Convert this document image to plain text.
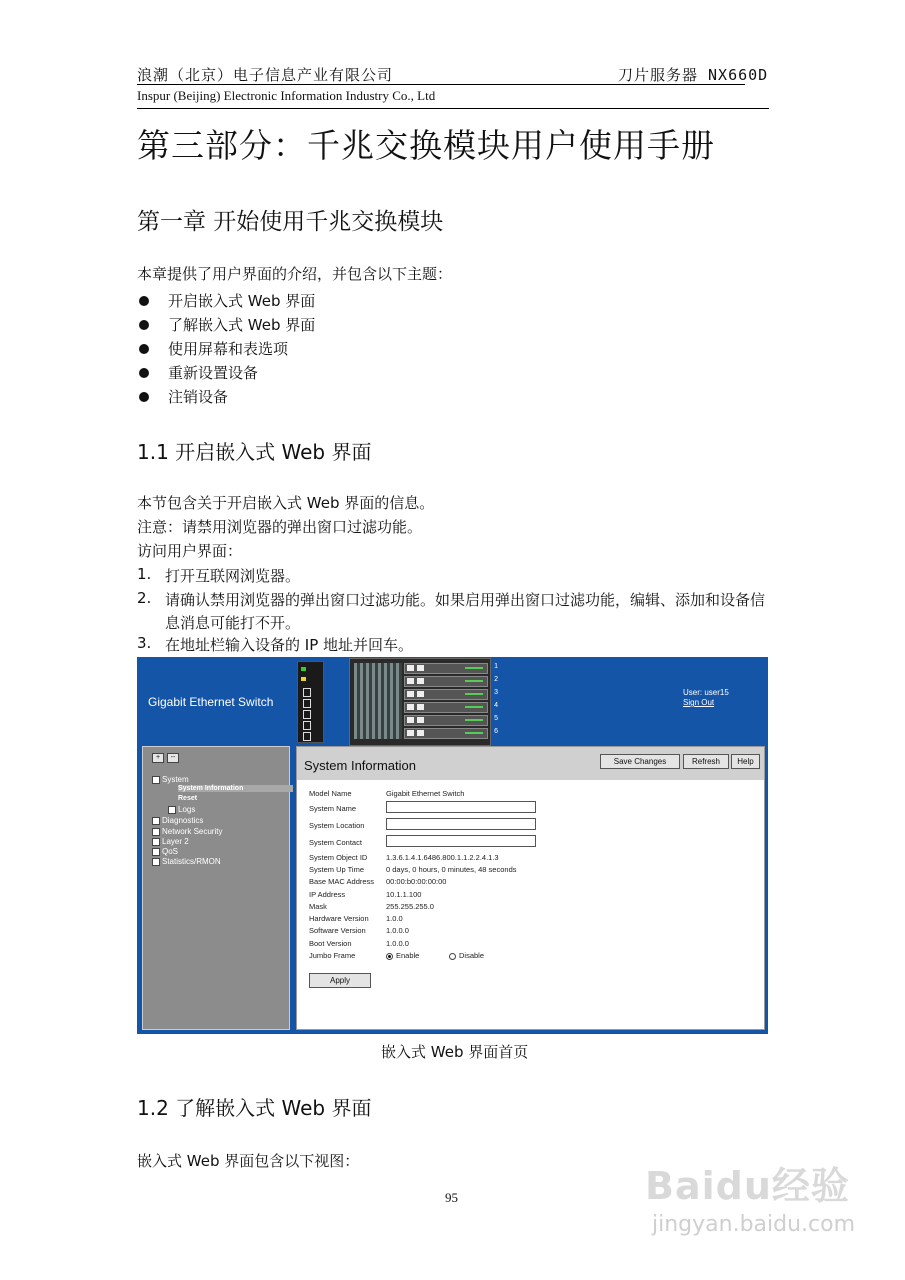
浪潮（北京）电子信息产业有限公司	刀片服务器 NX660D
Inspur (Beijing) Electronic Information Industry Co., Ltd
第三部分：千兆交换模块用户使用手册
第一章 开始使用千兆交换模块
本章提供了用户界面的介绍，并包含以下主题：
开启嵌入式 Web 界面
了解嵌入式 Web 界面
使用屏幕和表选项
重新设置设备
注销设备
1.1 开启嵌入式 Web 界面
本节包含关于开启嵌入式 Web 界面的信息。
注意：请禁用浏览器的弹出窗口过滤功能。
访问用户界面：
1. 打开互联网浏览器。
2. 请确认禁用浏览器的弹出窗口过滤功能。如果启用弹出窗口过滤功能，编辑、添加和设备信息消息可能打不开。
3. 在地址栏输入设备的 IP 地址并回车。
Gigabit Ethernet Switch
1
2
3
4
5
6
User: user15
Sign Out
+	--
System
System Information
Reset
Logs
Diagnostics
Network Security
Layer 2
QoS
Statistics/RMON
System Information	Save Changes	Refresh	Help
Model Name	Gigabit Ethernet Switch
System Name
System Location
System Contact
System Object ID 1.3.6.1.4.1.6486.800.1.1.2.2.4.1.3
System Up Time	0 days, 0 hours, 0 minutes, 48 seconds
Base MAC Address 00:00:b0:00:00:00
IP Address	10.1.1.100
Mask	255.255.255.0
Hardware Version 1.0.0
Software Version	1.0.0.0
Boot Version	1.0.0.0
Jumbo Frame	Enable	Disable
Apply
嵌入式 Web 界面首页
1.2 了解嵌入式 Web 界面
嵌入式 Web 界面包含以下视图：
95	Baidu经验
jingyan.baidu.com
